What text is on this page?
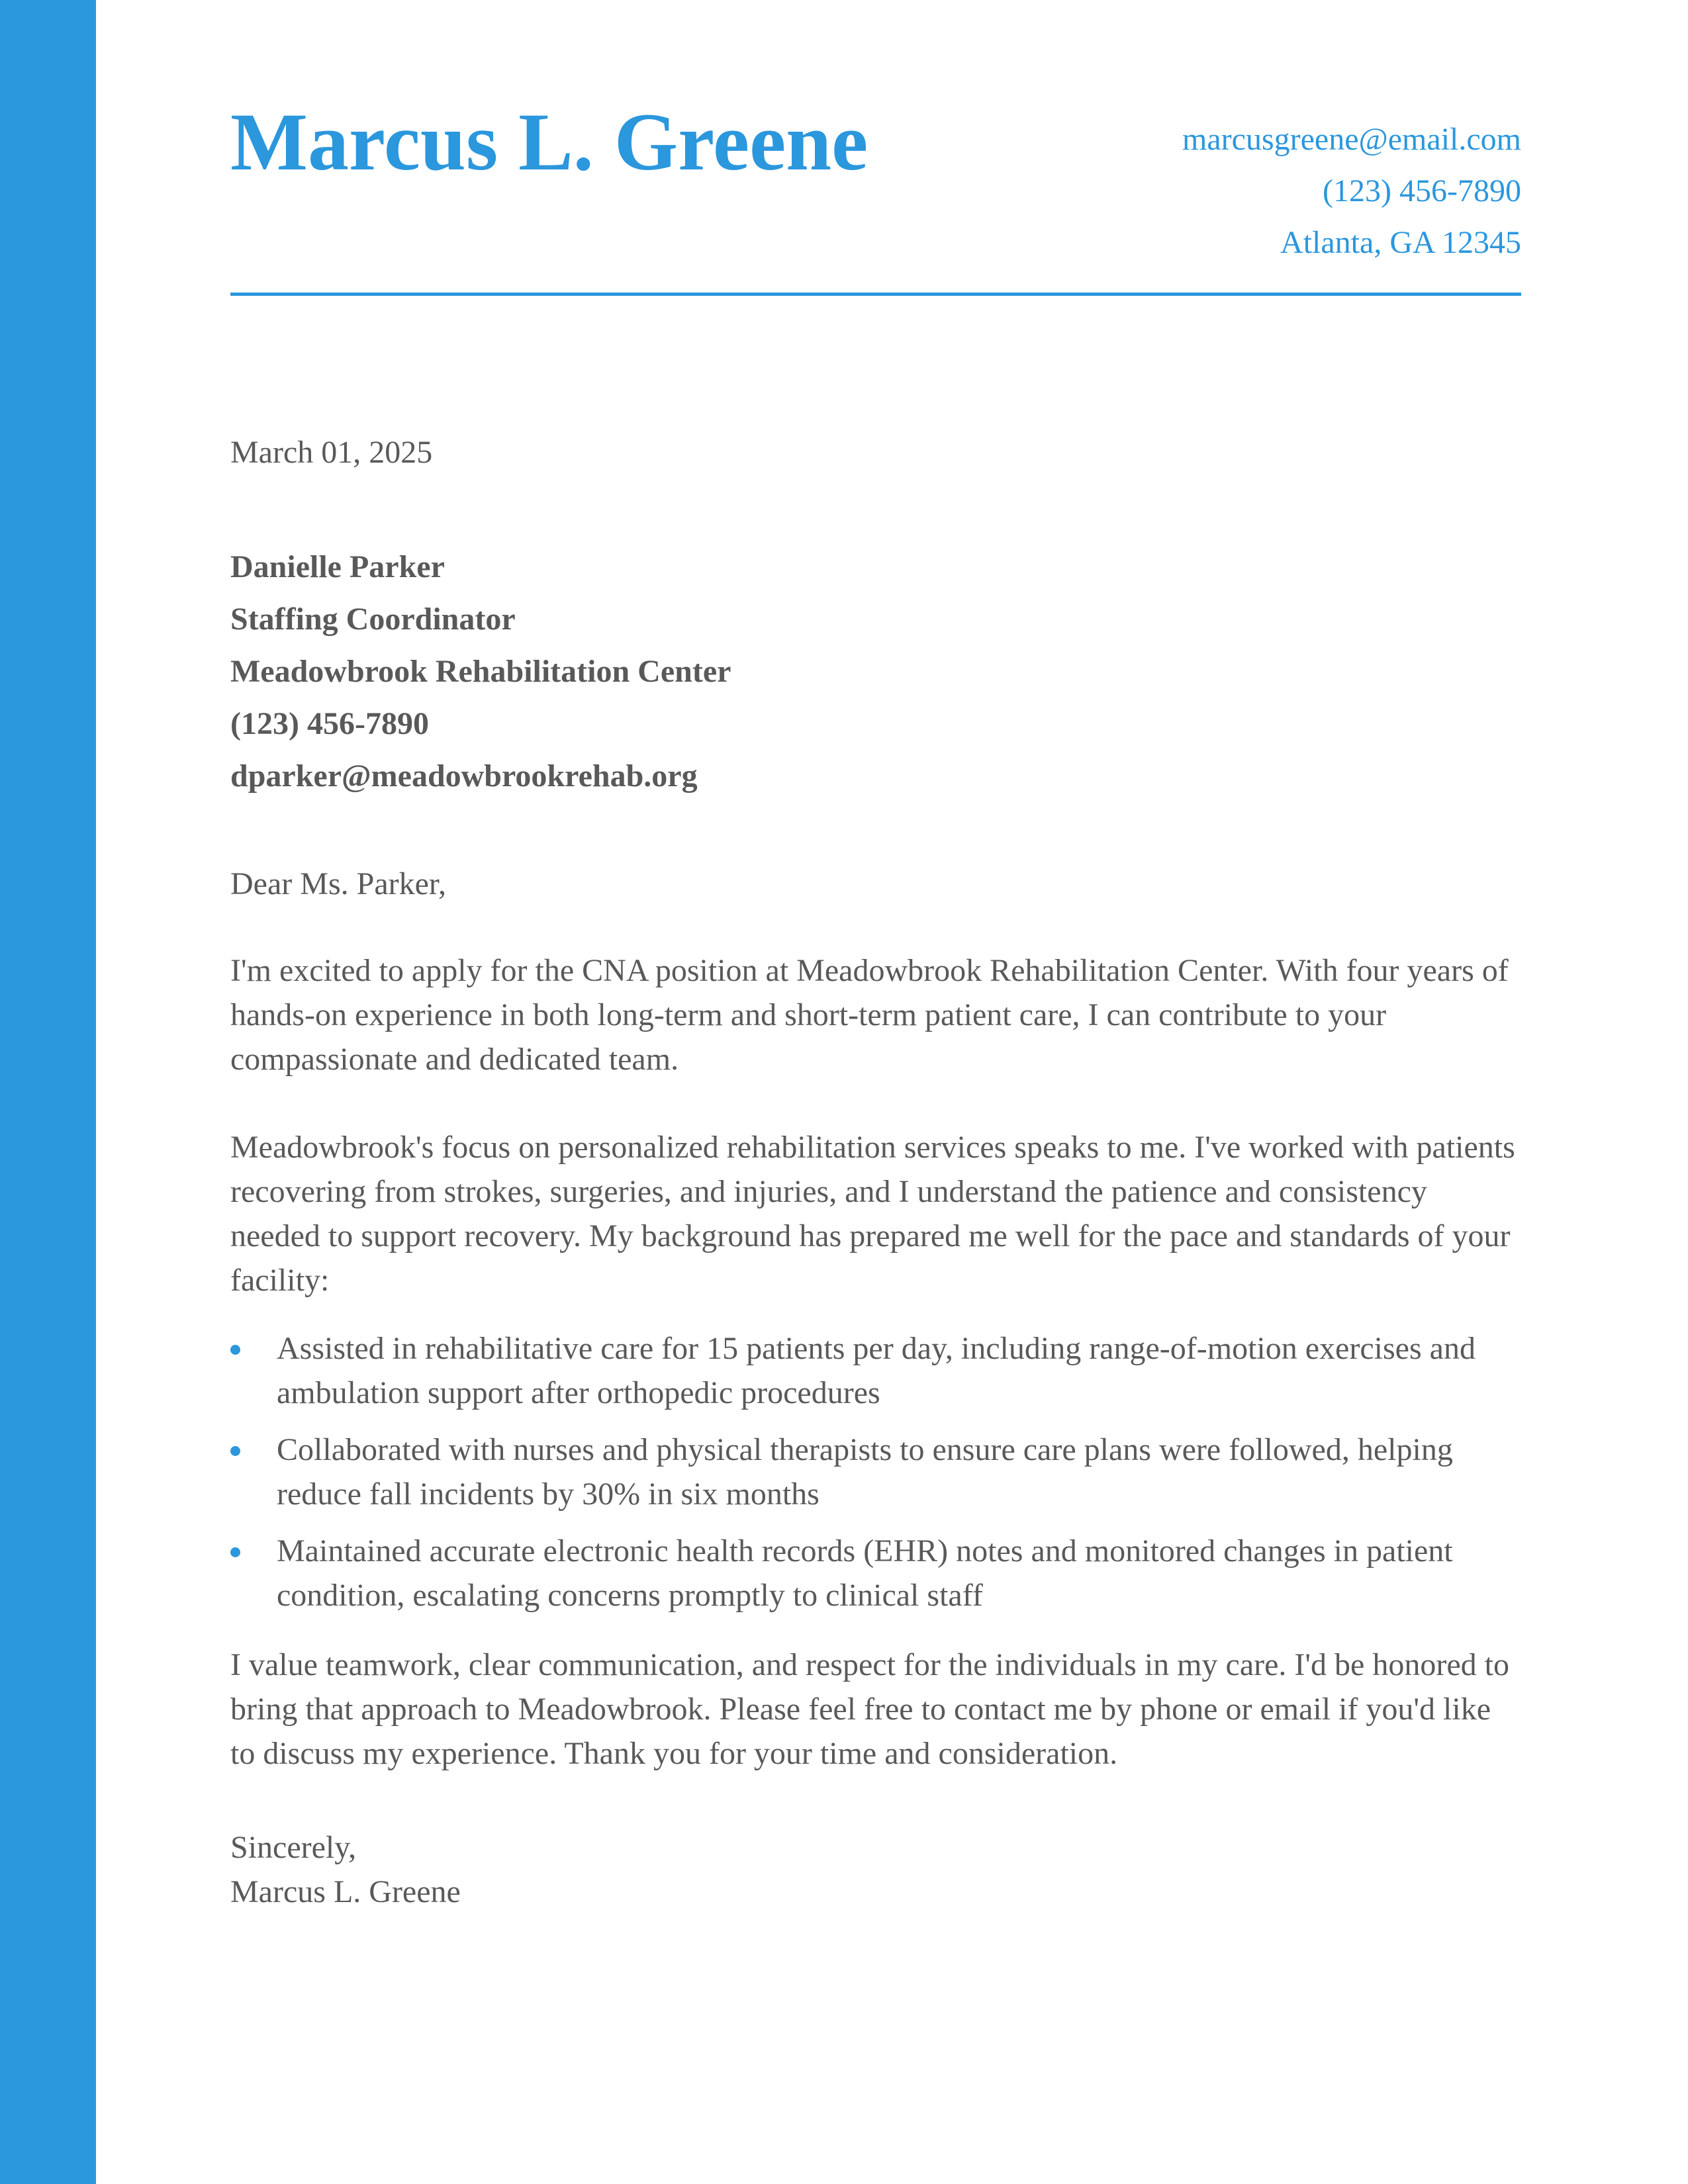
Marcus L. Greene	marcusgreene@email.com
(123) 456-7890
Atlanta, GA 12345
March 01, 2025
Danielle Parker
Staffing Coordinator
Meadowbrook Rehabilitation Center
(123) 456-7890
dparker@meadowbrookrehab.org
Dear Ms. Parker,

I'm excited to apply for the CNA position at Meadowbrook Rehabilitation Center. With four years of hands-on experience in both long-term and short-term patient care, I can contribute to your compassionate and dedicated team.

Meadowbrook's focus on personalized rehabilitation services speaks to me. I've worked with patients recovering from strokes, surgeries, and injuries, and I understand the patience and consistency needed to support recovery. My background has prepared me well for the pace and standards of your facility:

Assisted in rehabilitative care for 15 patients per day, including range-of-motion exercises and ambulation support after orthopedic procedures
Collaborated with nurses and physical therapists to ensure care plans were followed, helping reduce fall incidents by 30% in six months
Maintained accurate electronic health records (EHR) notes and monitored changes in patient condition, escalating concerns promptly to clinical staff

I value teamwork, clear communication, and respect for the individuals in my care. I'd be honored to bring that approach to Meadowbrook. Please feel free to contact me by phone or email if you'd like to discuss my experience. Thank you for your time and consideration.

Sincerely,
Marcus L. Greene
